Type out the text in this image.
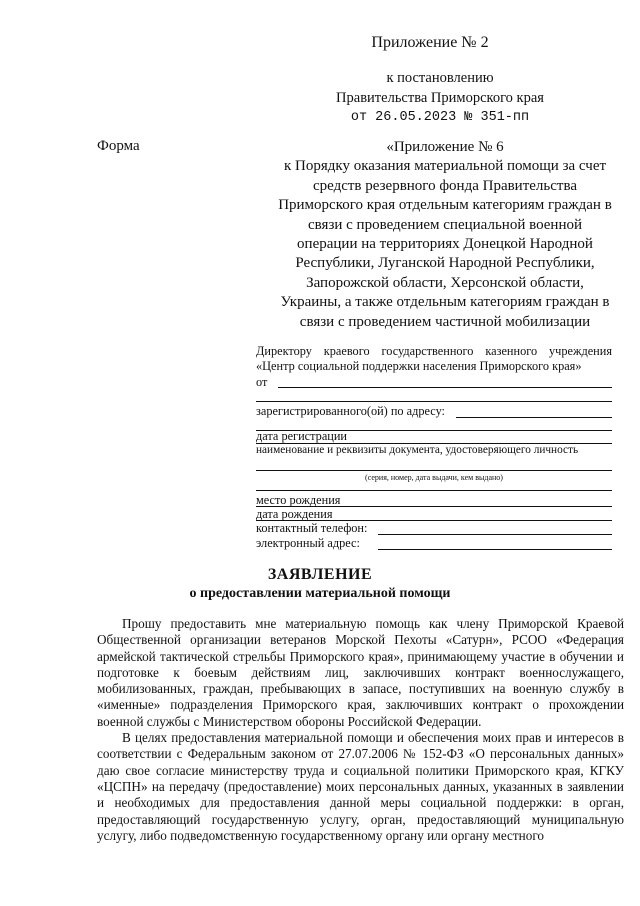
Приложение № 2
к постановлению
Правительства Приморского края
от 26.05.2023 № 351-пп
Форма	«Приложение № 6
к Порядку оказания материальной помощи за счет
средств резервного фонда Правительства
Приморского края отдельным категориям граждан в
связи с проведением специальной военной
операции на территориях Донецкой Народной
Республики, Луганской Народной Республики,
Запорожской области, Херсонской области,
Украины, а также отдельным категориям граждан в
связи с проведением частичной мобилизации
Директору краевого государственного казенного учреждения
«Центр социальной поддержки населения Приморского края»
от
зарегистрированного(ой) по адресу:
дата регистрации
наименование и реквизиты документа, удостоверяющего личность
(серия, номер, дата выдачи, кем выдано)
место рождения
дата рождения
контактный телефон:
электронный адрес:
ЗАЯВЛЕНИЕ
о предоставлении материальной помощи

Прошу предоставить мне материальную помощь как члену Приморской Краевой Общественной организации ветеранов Морской Пехоты «Сатурн», РСОО «Федерация армейской тактической стрельбы Приморского края», принимающему участие в обучении и подготовке к боевым действиям лиц, заключивших контракт военнослужащего, мобилизованных, граждан, пребывающих в запасе, поступивших на военную службу в «именные» подразделения Приморского края, заключивших контракт о прохождении военной службы с Министерством обороны Российской Федерации.

В целях предоставления материальной помощи и обеспечения моих прав и интересов в соответствии с Федеральным законом от 27.07.2006 № 152-ФЗ «О персональных данных» даю свое согласие министерству труда и социальной политики Приморского края, КГКУ «ЦСПН» на передачу (предоставление) моих персональных данных, указанных в заявлении и необходимых для предоставления данной меры социальной поддержки: в орган, предоставляющий государственную услугу, орган, предоставляющий муниципальную услугу, либо подведомственную государственному органу или органу местного
